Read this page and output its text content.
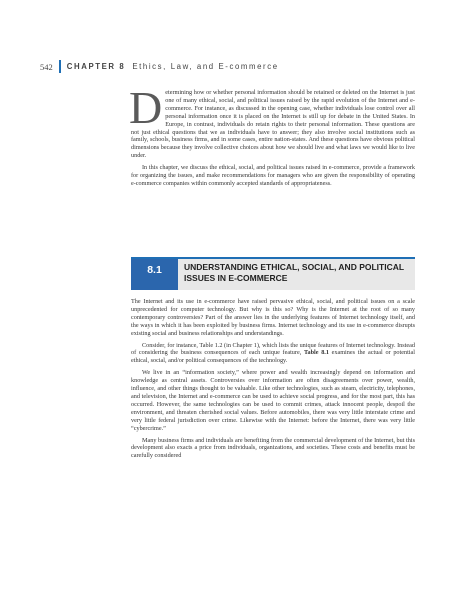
542 CHAPTER 8 Ethics, Law, and E-commerce

Determining how or whether personal information should be retained or deleted on the Internet is just one of many ethical, social, and political issues raised by the rapid evolution of the Internet and e-commerce. For instance, as discussed in the opening case, whether individuals lose control over all personal information once it is placed on the Internet is still up for debate in the United States. In Europe, in contrast, individuals do retain rights to their personal information. These questions are not just ethical questions that we as individuals have to answer; they also involve social institutions such as family, schools, business firms, and in some cases, entire nation-states. And these questions have obvious political dimensions because they involve collective choices about how we should live and what laws we would like to live under.

In this chapter, we discuss the ethical, social, and political issues raised in e-commerce, provide a framework for organizing the issues, and make recommendations for managers who are given the responsibility of operating e-commerce companies within commonly accepted standards of appropriateness.

8.1	UNDERSTANDING ETHICAL, SOCIAL, AND POLITICAL
ISSUES IN E-COMMERCE

The Internet and its use in e-commerce have raised pervasive ethical, social, and political issues on a scale unprecedented for computer technology. But why is this so? Why is the Internet at the root of so many contemporary controversies? Part of the answer lies in the underlying features of Internet technology itself, and the ways in which it has been exploited by business firms. Internet technology and its use in e-commerce disrupts existing social and business relationships and understandings.

Consider, for instance, Table 1.2 (in Chapter 1), which lists the unique features of Internet technology. Instead of considering the business consequences of each unique feature, Table 8.1 examines the actual or potential ethical, social, and/or political consequences of the technology.

We live in an “information society,” where power and wealth increasingly depend on information and knowledge as central assets. Controversies over information are often disagreements over power, wealth, influence, and other things thought to be valuable. Like other technologies, such as steam, electricity, telephones, and television, the Internet and e-commerce can be used to achieve social progress, and for the most part, this has occurred. However, the same technologies can be used to commit crimes, attack innocent people, despoil the environment, and threaten cherished social values. Before automobiles, there was very little interstate crime and very little federal jurisdiction over crime. Likewise with the Internet: before the Internet, there was very little “cybercrime.”

Many business firms and individuals are benefiting from the commercial development of the Internet, but this development also exacts a price from individuals, organizations, and societies. These costs and benefits must be carefully considered
